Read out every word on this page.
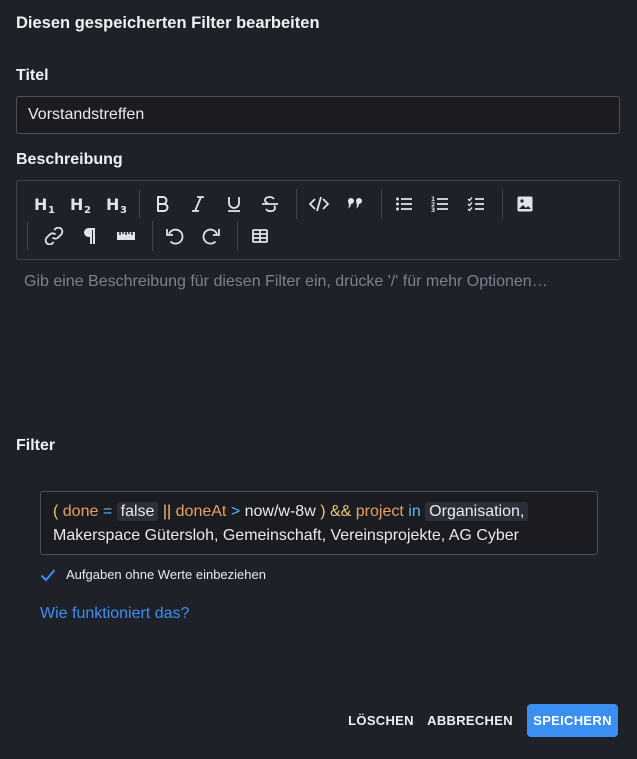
Diesen gespeicherten Filter bearbeiten
Titel
Vorstandstreffen
Beschreibung
H 1 H 2 H 3
1
2
3
Gib eine Beschreibung für diesen Filter ein, drücke '/' für mehr Optionen…
Filter
( done = false || doneAt > now/w-8w ) && project in Organisation, Makerspace Gütersloh, Gemeinschaft, Vereinsprojekte, AG Cyber
Aufgaben ohne Werte einbeziehen
Wie funktioniert das?
LÖSCHEN	ABBRECHEN	SPEICHERN
